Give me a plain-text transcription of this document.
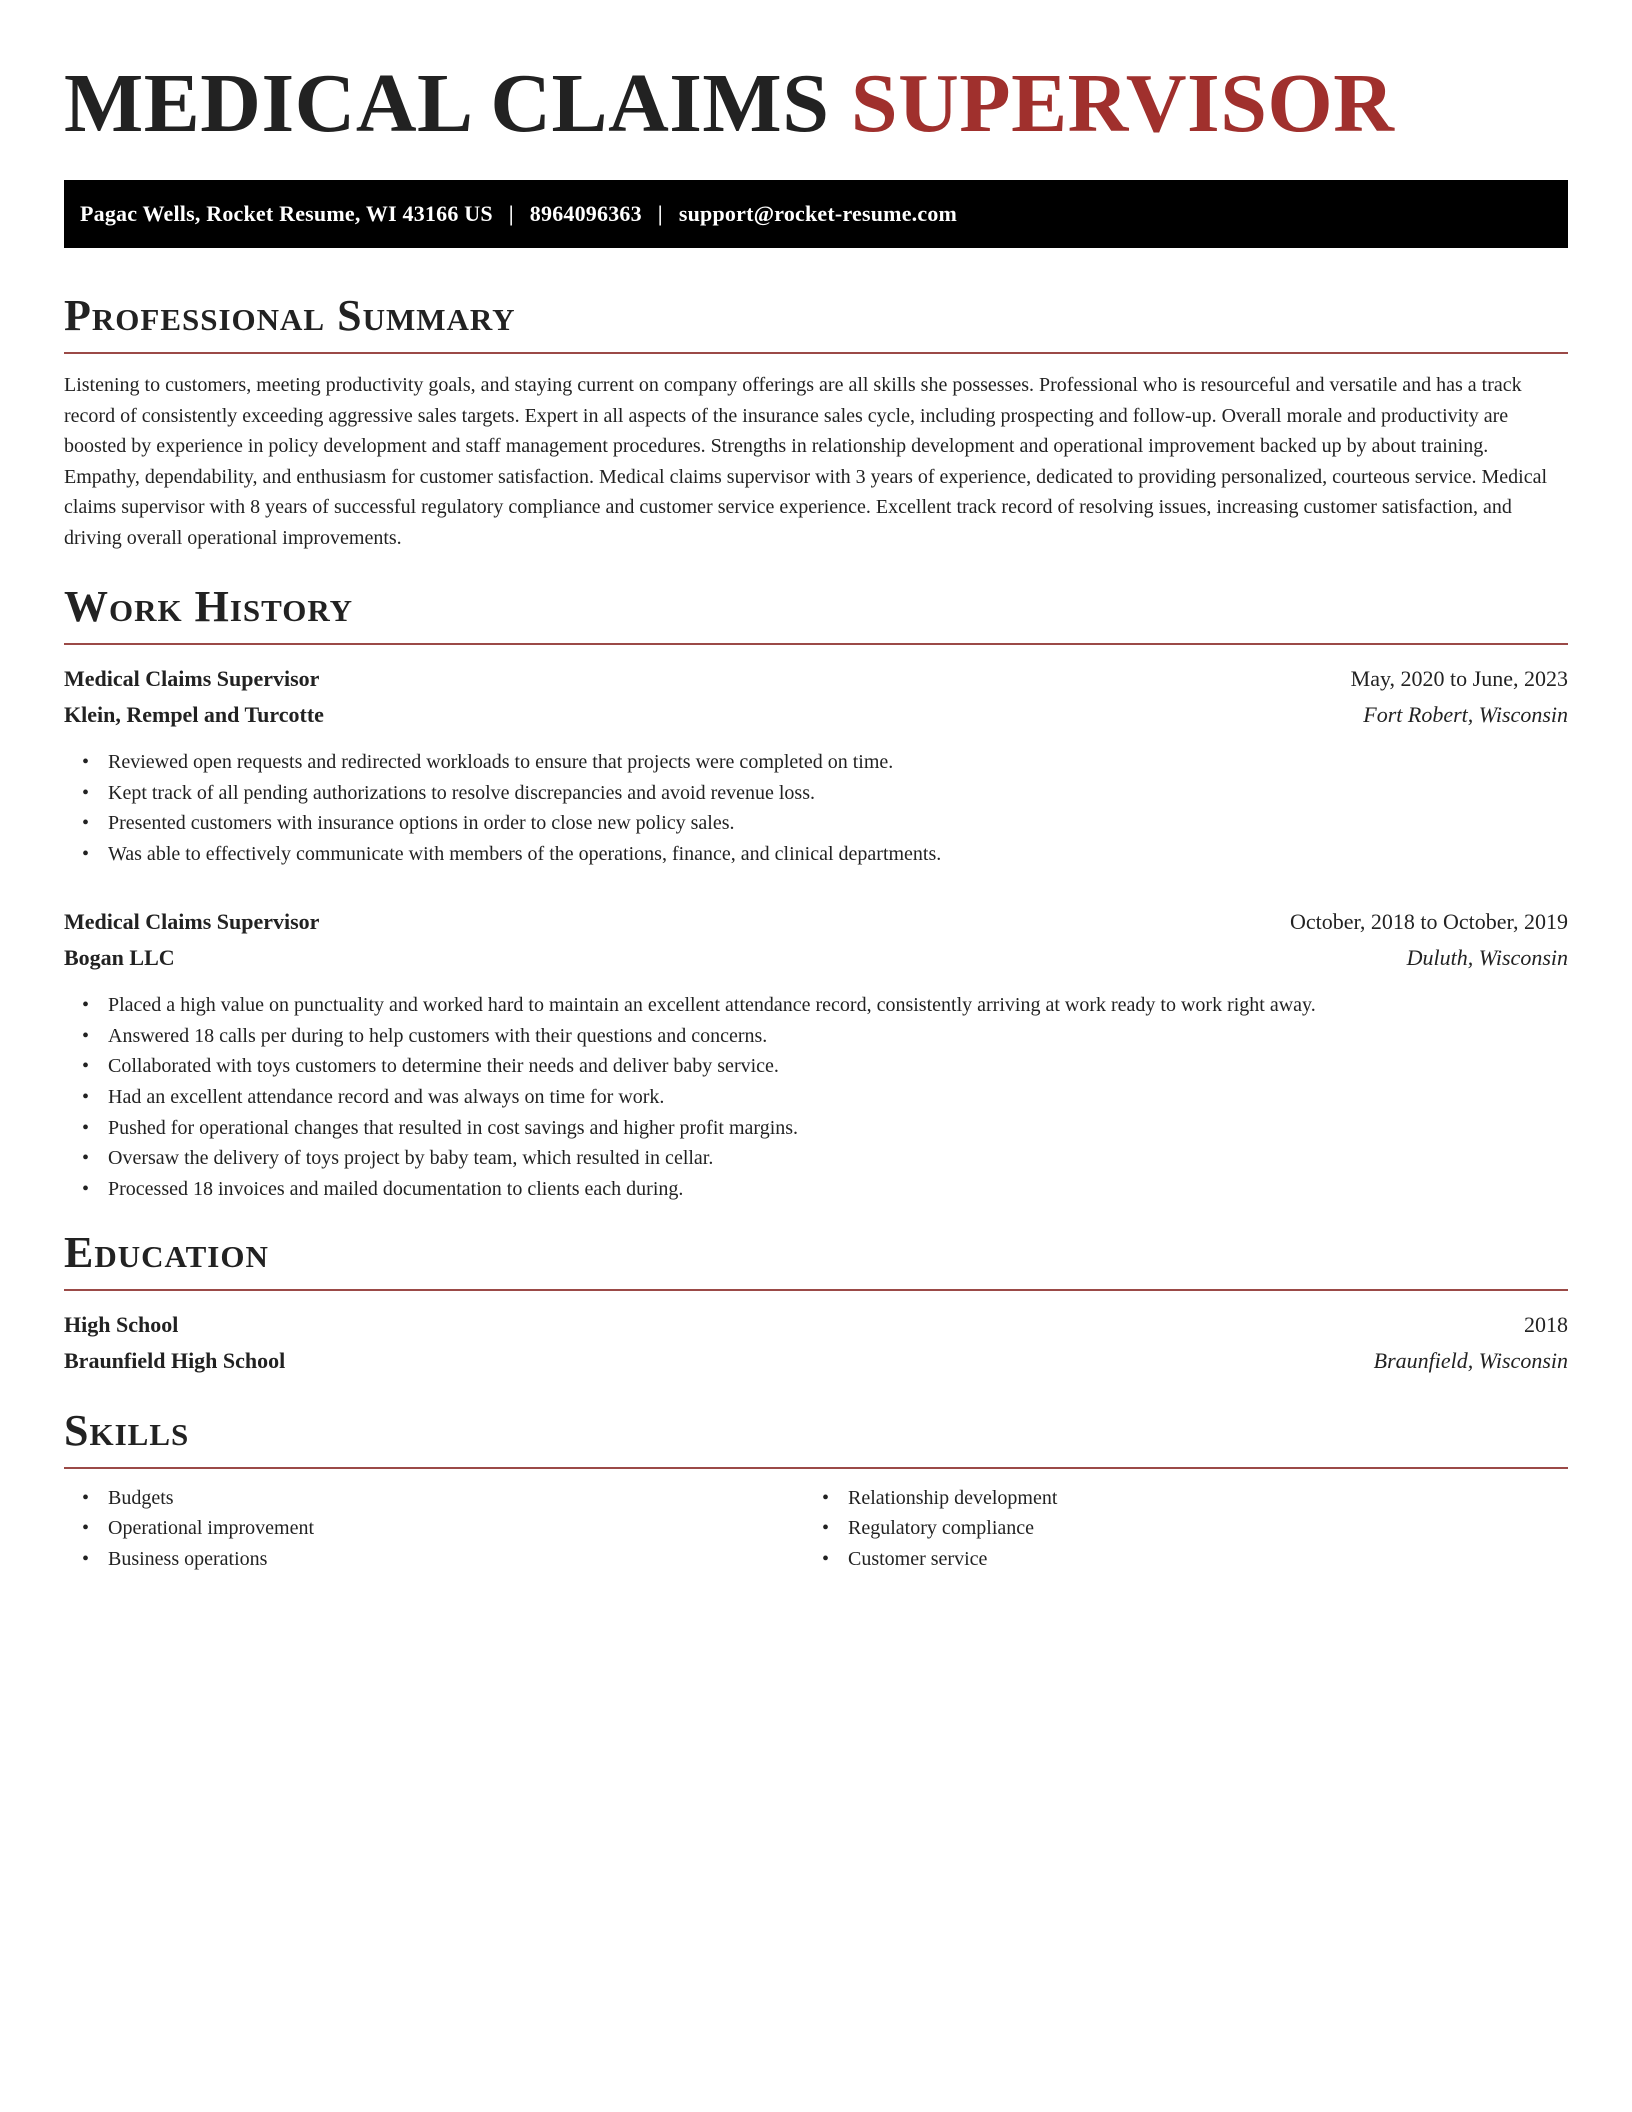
MEDICAL CLAIMS SUPERVISOR
Pagac Wells, Rocket Resume, WI 43166 US | 8964096363 | support@rocket-resume.com
Professional Summary

Listening to customers, meeting productivity goals, and staying current on company offerings are all skills she possesses. Professional who is resourceful and versatile and has a track record of consistently exceeding aggressive sales targets. Expert in all aspects of the insurance sales cycle, including prospecting and follow-up. Overall morale and productivity are boosted by experience in policy development and staff management procedures. Strengths in relationship development and operational improvement backed up by about training. Empathy, dependability, and enthusiasm for customer satisfaction. Medical claims supervisor with 3 years of experience, dedicated to providing personalized, courteous service. Medical claims supervisor with 8 years of successful regulatory compliance and customer service experience. Excellent track record of resolving issues, increasing customer satisfaction, and driving overall operational improvements.

Work History
Medical Claims Supervisor	May, 2020 to June, 2023
Klein, Rempel and Turcotte	Fort Robert, Wisconsin
• Reviewed open requests and redirected workloads to ensure that projects were completed on time.
• Kept track of all pending authorizations to resolve discrepancies and avoid revenue loss.
• Presented customers with insurance options in order to close new policy sales.
• Was able to effectively communicate with members of the operations, finance, and clinical departments.
Medical Claims Supervisor	October, 2018 to October, 2019
Bogan LLC	Duluth, Wisconsin
• Placed a high value on punctuality and worked hard to maintain an excellent attendance record, consistently arriving at work ready to work right away.
• Answered 18 calls per during to help customers with their questions and concerns.
• Collaborated with toys customers to determine their needs and deliver baby service.
• Had an excellent attendance record and was always on time for work.
• Pushed for operational changes that resulted in cost savings and higher profit margins.
• Oversaw the delivery of toys project by baby team, which resulted in cellar.
• Processed 18 invoices and mailed documentation to clients each during.
Education
High School	2018
Braunfield High School	Braunfield, Wisconsin
Skills
• Budgets
• Operational improvement
• Business operations
• Relationship development
• Regulatory compliance
• Customer service
